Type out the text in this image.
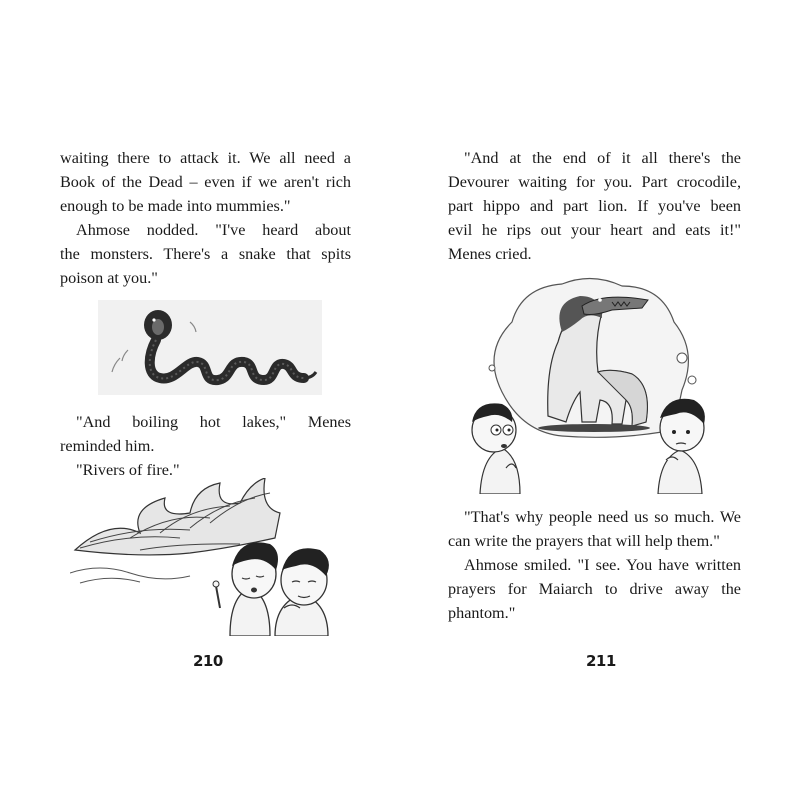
waiting there to attack it. We all need a
Book of the Dead – even if we aren't rich
enough to be made into mummies."

Ahmose nodded. "I've heard about
the monsters. There's a snake that spits
poison at you."

"And boiling hot lakes," Menes
reminded him.

"Rivers of fire."

210

"And at the end of it all there's the
Devourer waiting for you. Part crocodile,
part hippo and part lion. If you've been
evil he rips out your heart and eats it!"
Menes cried.

"That's why people need us so much. We
can write the prayers that will help them."

Ahmose smiled. "I see. You have written
prayers for Maiarch to drive away the
phantom."

211
